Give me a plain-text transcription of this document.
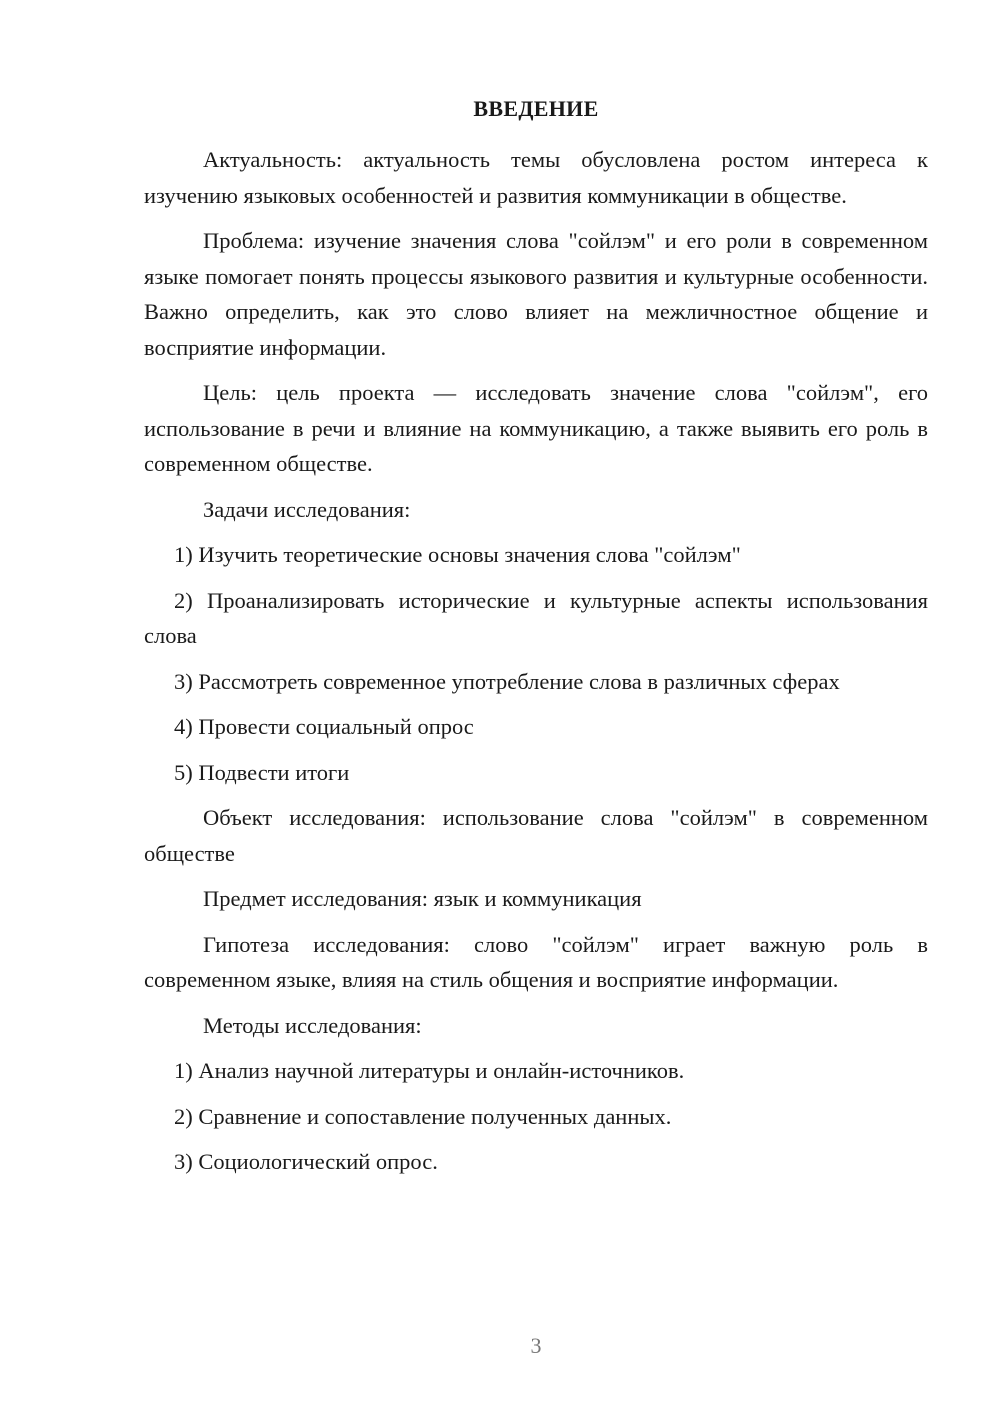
ВВЕДЕНИЕ

Актуальность: актуальность темы обусловлена ростом интереса к изучению языковых особенностей и развития коммуникации в обществе.

Проблема: изучение значения слова "сойлэм" и его роли в современном языке помогает понять процессы языкового развития и культурные особенности. Важно определить, как это слово влияет на межличностное общение и восприятие информации.

Цель: цель проекта — исследовать значение слова "сойлэм", его использование в речи и влияние на коммуникацию, а также выявить его роль в современном обществе.

Задачи исследования:

1) Изучить теоретические основы значения слова "сойлэм"

2) Проанализировать исторические и культурные аспекты использования слова

3) Рассмотреть современное употребление слова в различных сферах

4) Провести социальный опрос

5) Подвести итоги

Объект исследования: использование слова "сойлэм" в современном обществе

Предмет исследования: язык и коммуникация

Гипотеза исследования: слово "сойлэм" играет важную роль в современном языке, влияя на стиль общения и восприятие информации.

Методы исследования:

1) Анализ научной литературы и онлайн-источников.

2) Сравнение и сопоставление полученных данных.

3) Социологический опрос.

3
